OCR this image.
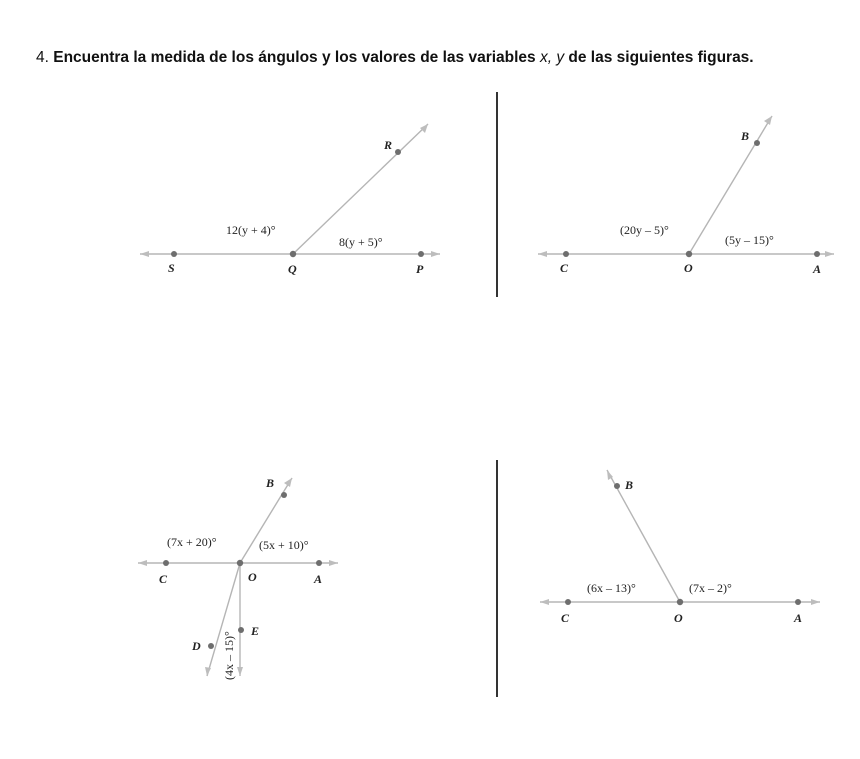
4. Encuentra la medida de los ángulos y los valores de las variables x, y de las siguientes figuras.
S	Q	P
R
12(y + 4)°
8(y + 5)°
C	O	A
B
(20y – 5)°
(5y – 15)°
C	O	A
B
D
E
(7x + 20)°	(5x + 10)°
(4x – 15)°
C	O	A
B
(6x – 13)°	(7x – 2)°
